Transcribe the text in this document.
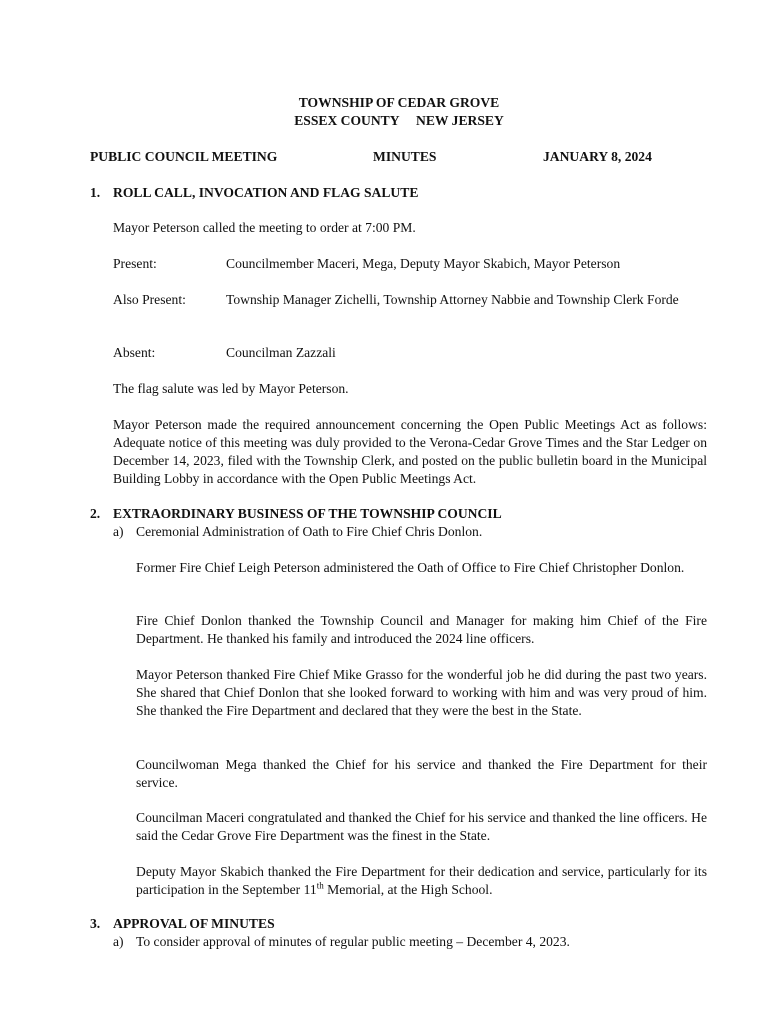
TOWNSHIP OF CEDAR GROVE
ESSEX COUNTY     NEW JERSEY
PUBLIC COUNCIL MEETING	MINUTES	JANUARY 8, 2024
1. ROLL CALL, INVOCATION AND FLAG SALUTE
Mayor Peterson called the meeting to order at 7:00 PM.
Present:	Councilmember Maceri, Mega, Deputy Mayor Skabich, Mayor Peterson
Also Present:	Township Manager Zichelli, Township Attorney Nabbie and Township Clerk Forde
Absent:	Councilman Zazzali
The flag salute was led by Mayor Peterson.
Mayor Peterson made the required announcement concerning the Open Public Meetings Act as follows: Adequate notice of this meeting was duly provided to the Verona-Cedar Grove Times and the Star Ledger on December 14, 2023, filed with the Township Clerk, and posted on the public bulletin board in the Municipal Building Lobby in accordance with the Open Public Meetings Act.
2. EXTRAORDINARY BUSINESS OF THE TOWNSHIP COUNCIL
a) Ceremonial Administration of Oath to Fire Chief Chris Donlon.
Former Fire Chief Leigh Peterson administered the Oath of Office to Fire Chief Christopher Donlon.
Fire Chief Donlon thanked the Township Council and Manager for making him Chief of the Fire Department. He thanked his family and introduced the 2024 line officers.
Mayor Peterson thanked Fire Chief Mike Grasso for the wonderful job he did during the past two years. She shared that Chief Donlon that she looked forward to working with him and was very proud of him. She thanked the Fire Department and declared that they were the best in the State.
Councilwoman Mega thanked the Chief for his service and thanked the Fire Department for their service.
Councilman Maceri congratulated and thanked the Chief for his service and thanked the line officers. He said the Cedar Grove Fire Department was the finest in the State.
Deputy Mayor Skabich thanked the Fire Department for their dedication and service, particularly for its participation in the September 11th Memorial, at the High School.
3. APPROVAL OF MINUTES
a) To consider approval of minutes of regular public meeting – December 4, 2023.
